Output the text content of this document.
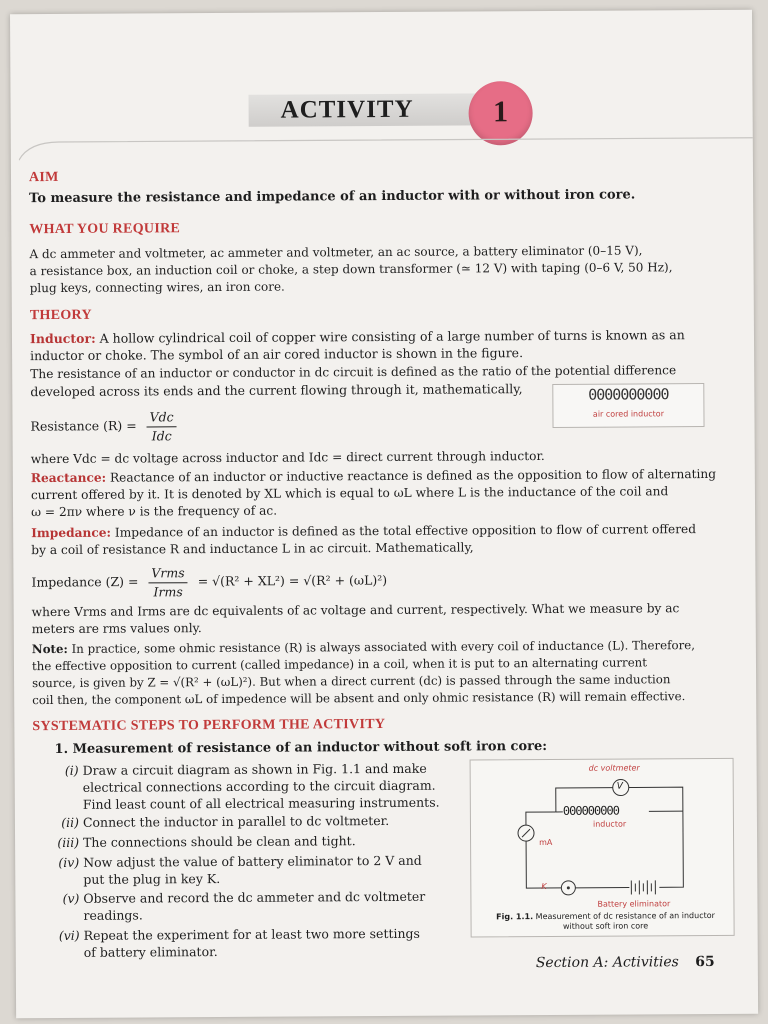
ACTIVITY	1
AIM
To measure the resistance and impedance of an inductor with or without iron core.
WHAT YOU REQUIRE
A dc ammeter and voltmeter, ac ammeter and voltmeter, an ac source, a battery eliminator (0–15 V),
a resistance box, an induction coil or choke, a step down transformer (≃ 12 V) with taping (0–6 V, 50 Hz),
plug keys, connecting wires, an iron core.
THEORY
Inductor: A hollow cylindrical coil of copper wire consisting of a large number of turns is known as an
inductor or choke. The symbol of an air cored inductor is shown in the figure.
The resistance of an inductor or conductor in dc circuit is defined as the ratio of the potential difference
developed across its ends and the current flowing through it, mathematically,	0000000000
air cored inductor
Resistance $(R) = \frac{\text{Vdc}}{\text{Idc}}$
where Vdc = dc voltage across inductor and Idc = direct current through inductor.
Reactance: Reactance of an inductor or inductive reactance is defined as the opposition to flow of alternating
current offered by it. It is denoted by XL which is equal to ωL where L is the inductance of the coil and
ω = 2πν where ν is the frequency of ac.
Impedance: Impedance of an inductor is defined as the total effective opposition to flow of current offered
by a coil of resistance R and inductance L in ac circuit. Mathematically,
Impedance $(Z) = \frac{\text{Vrms}}{\text{Irms}} = √(R^2 + XL^2) = √(R^2 + (\omega L)^2)$
where Vrms and Irms are dc equivalents of ac voltage and current, respectively. What we measure by ac
meters are rms values only.
Note: In practice, some ohmic resistance (R) is always associated with every coil of inductance (L). Therefore,
the effective opposition to current (called impedance) in a coil, when it is put to an alternating current
source, is given by Z = √(R² + (ωL)²). But when a direct current (dc) is passed through the same induction
coil then, the component ωL of impedence will be absent and only ohmic resistance (R) will remain effective.
SYSTEMATIC STEPS TO PERFORM THE ACTIVITY
1. Measurement of resistance of an inductor without soft iron core:
(i) Draw a circuit diagram as shown in Fig. 1.1 and make
electrical connections according to the circuit diagram.
Find least count of all electrical measuring instruments.
(ii) Connect the inductor in parallel to dc voltmeter.
(iii) The connections should be clean and tight.
(iv) Now adjust the value of battery eliminator to 2 V and
put the plug in key K.
(v) Observe and record the dc ammeter and dc voltmeter
readings.
(vi) Repeat the experiment for at least two more settings
of battery eliminator.
dc voltmeter
V
000000000
inductor
mA
K
Battery eliminator
Fig. 1.1. Measurement of dc resistance of an inductor without soft iron core
Section A: Activities 65
